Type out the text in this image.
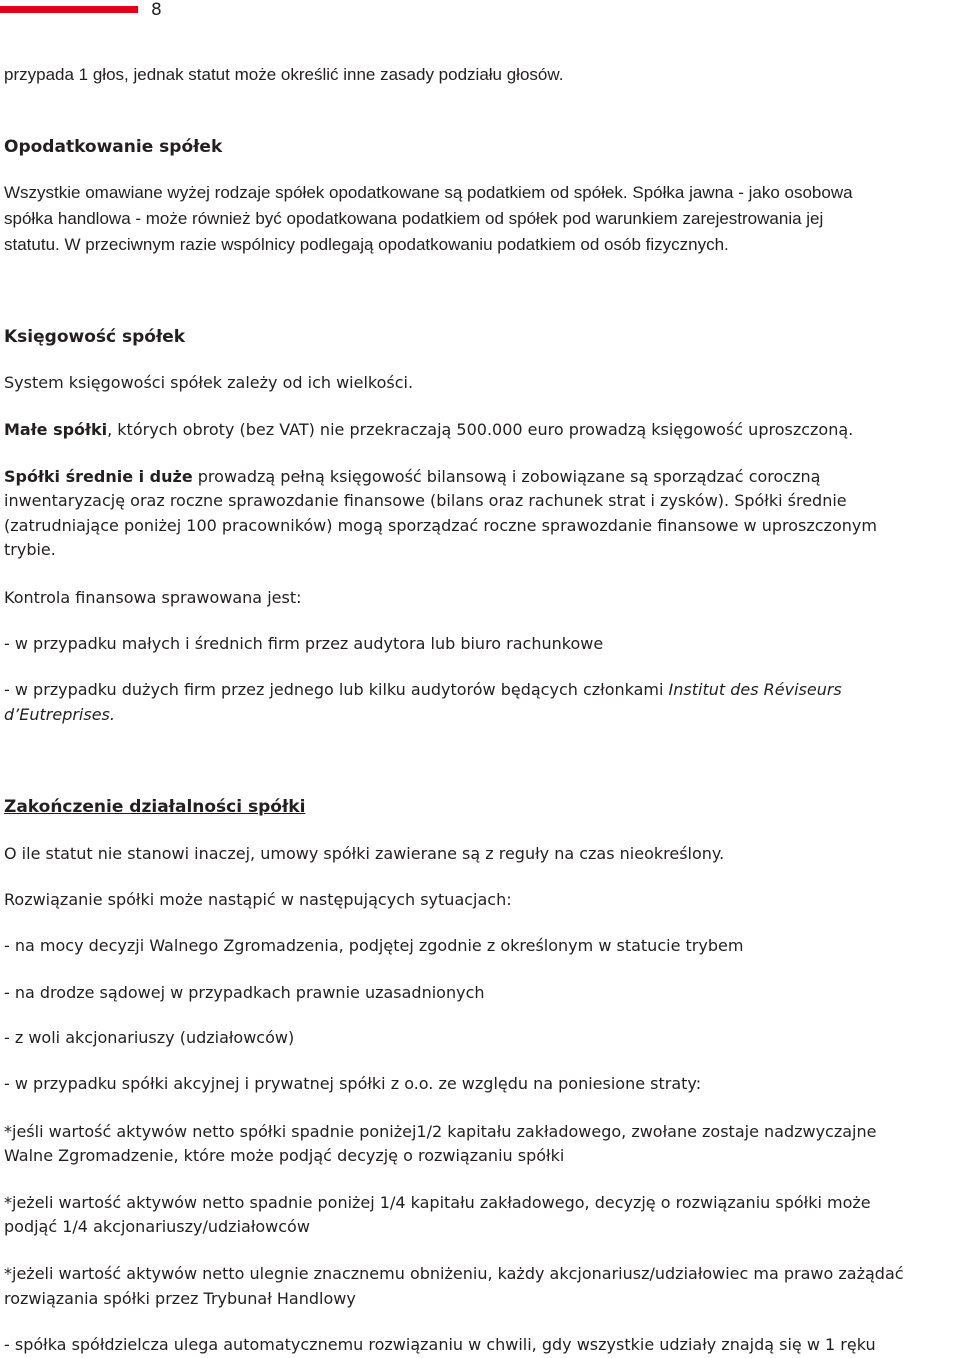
8

przypada 1 głos, jednak statut może określić inne zasady podziału głosów.

Opodatkowanie spółek

Wszystkie omawiane wyżej rodzaje spółek opodatkowane są podatkiem od spółek. Spółka jawna - jako osobowa

spółka handlowa - może również być opodatkowana podatkiem od spółek pod warunkiem zarejestrowania jej

statutu. W przeciwnym razie wspólnicy podlegają opodatkowaniu podatkiem od osób fizycznych.

Księgowość spółek

System księgowości spółek zależy od ich wielkości.

Małe spółki, których obroty (bez VAT) nie przekraczają 500.000 euro prowadzą księgowość uproszczoną.

Spółki średnie i duże prowadzą pełną księgowość bilansową i zobowiązane są sporządzać coroczną

inwentaryzację oraz roczne sprawozdanie finansowe (bilans oraz rachunek strat i zysków). Spółki średnie

(zatrudniające poniżej 100 pracowników) mogą sporządzać roczne sprawozdanie finansowe w uproszczonym

trybie.

Kontrola finansowa sprawowana jest:

- w przypadku małych i średnich firm przez audytora lub biuro rachunkowe

- w przypadku dużych firm przez jednego lub kilku audytorów będących członkami Institut des Réviseurs

d’Eutreprises.

Zakończenie działalności spółki

O ile statut nie stanowi inaczej, umowy spółki zawierane są z reguły na czas nieokreślony.

Rozwiązanie spółki może nastąpić w następujących sytuacjach:

- na mocy decyzji Walnego Zgromadzenia, podjętej zgodnie z określonym w statucie trybem

- na drodze sądowej w przypadkach prawnie uzasadnionych

- z woli akcjonariuszy (udziałowców)

- w przypadku spółki akcyjnej i prywatnej spółki z o.o. ze względu na poniesione straty:

*jeśli wartość aktywów netto spółki spadnie poniżej1/2 kapitału zakładowego, zwołane zostaje nadzwyczajne

Walne Zgromadzenie, które może podjąć decyzję o rozwiązaniu spółki

*jeżeli wartość aktywów netto spadnie poniżej 1/4 kapitału zakładowego, decyzję o rozwiązaniu spółki może

podjąć 1/4 akcjonariuszy/udziałowców

*jeżeli wartość aktywów netto ulegnie znacznemu obniżeniu, każdy akcjonariusz/udziałowiec ma prawo zażądać

rozwiązania spółki przez Trybunał Handlowy

- spółka spółdzielcza ulega automatycznemu rozwiązaniu w chwili, gdy wszystkie udziały znajdą się w 1 ręku
